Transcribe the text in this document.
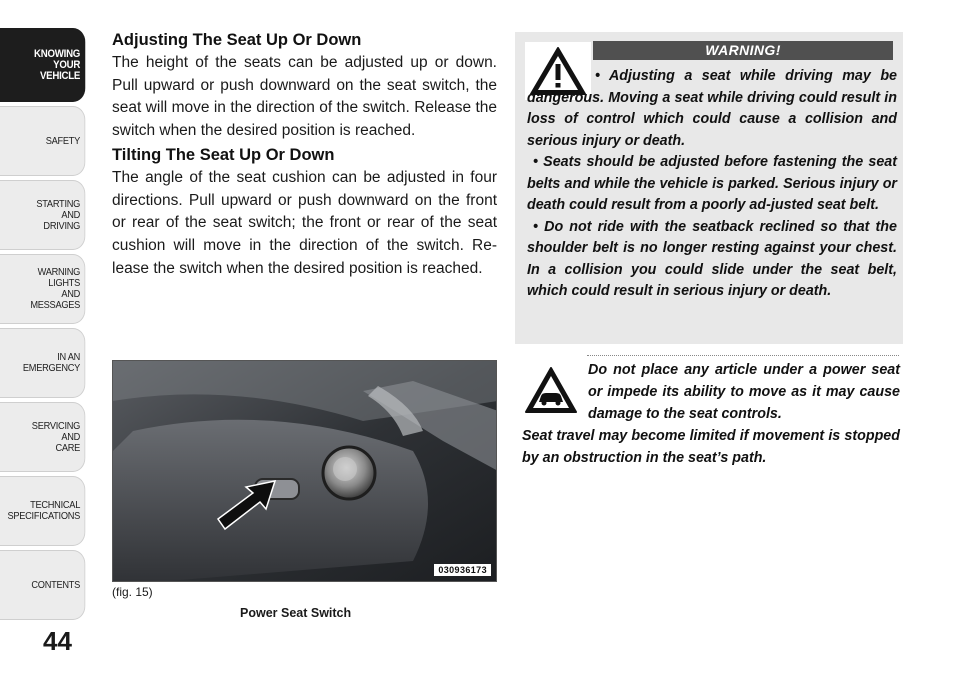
KNOWING
YOUR
VEHICLE
SAFETY
STARTING
AND
DRIVING
WARNING
LIGHTS
AND
MESSAGES
IN AN
EMERGENCY
SERVICING
AND
CARE
TECHNICAL
SPECIFICATIONS
CONTENTS
44
Adjusting The Seat Up Or Down
The height of the seats can be adjusted up or down. Pull upward or push downward on the seat switch, the seat will move in the direction of the switch. Release the switch when the desired position is reached.
Tilting The Seat Up Or Down
The angle of the seat cushion can be adjusted in four directions. Pull upward or push downward on the front or rear of the seat switch; the front or rear of the seat cushion will move in the direction of the switch. Re-lease the switch when the desired position is reached.
030936173
(fig. 15)
Power Seat Switch
WARNING!

• Adjusting a seat while driving may be dangerous. Moving a seat while driving could result in loss of control which could cause a collision and serious injury or death.

• Seats should be adjusted before fastening the seat belts and while the vehicle is parked. Serious injury or death could result from a poorly ad-justed seat belt.

• Do not ride with the seatback reclined so that the shoulder belt is no longer resting against your chest. In a collision you could slide under the seat belt, which could result in serious injury or death.

Do not place any article under a power seat or impede its ability to move as it may cause damage to the seat controls.
Seat travel may become limited if movement is stopped by an obstruction in the seat’s path.
